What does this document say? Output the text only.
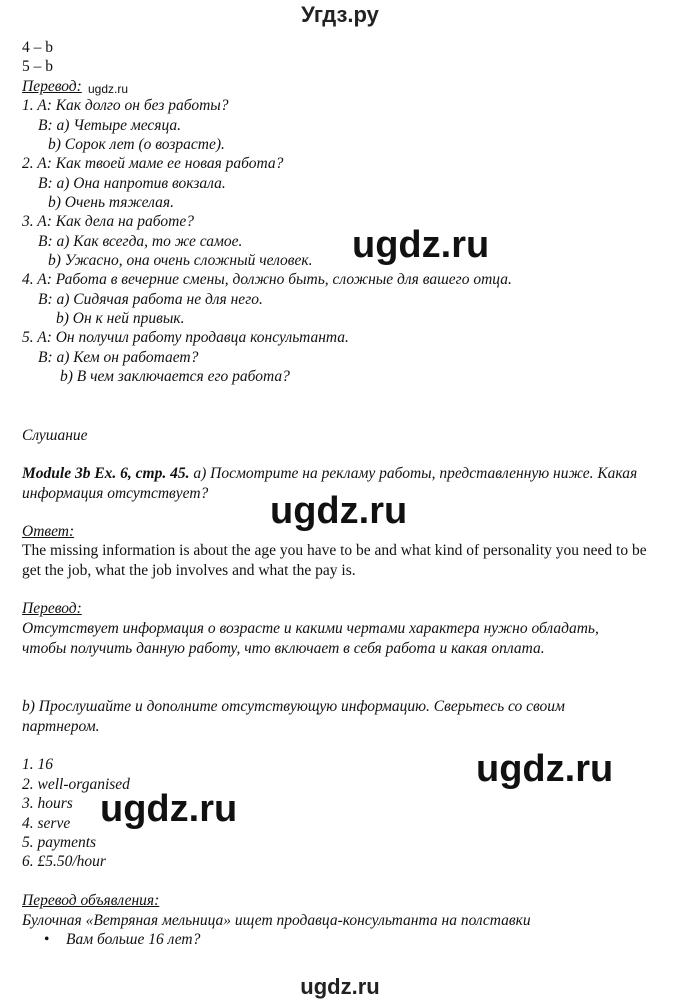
Угдз.ру
4 – b
5 – b
Перевод: ugdz.ru
1. A: Как долго он без работы?
B: a) Четыре месяца.
b) Сорок лет (о возрасте).
2. A: Как твоей маме ее новая работа?
B: a) Она напротив вокзала.
b) Очень тяжелая.
3. A: Как дела на работе?
B: a) Как всегда, то же самое.
b) Ужасно, она очень сложный человек.
4. A: Работа в вечерние смены, должно быть, сложные для вашего отца.
B: a) Сидячая работа не для него.
b) Он к ней привык.
5. A: Он получил работу продавца консультанта.
B: a) Кем он работает?
b) В чем заключается его работа?
Слушание
Module 3b Ex. 6, стр. 45. a) Посмотрите на рекламу работы, представленную ниже. Какая информация отсутствует?
Ответ:
The missing information is about the age you have to be and what kind of personality you need to be get the job, what the job involves and what the pay is.
Перевод:
Отсутствует информация о возрасте и какими чертами характера нужно обладать, чтобы получить данную работу, что включает в себя работа и какая оплата.
b) Прослушайте и дополните отсутствующую информацию. Сверьтесь со своим партнером.
1. 16
2. well-organised
3. hours
4. serve
5. payments
6. £5.50/hour
Перевод объявления:
Булочная «Ветряная мельница» ищет продавца-консультанта на полставки
• Вам больше 16 лет?
ugdz.ru
ugdz.ru
ugdz.ru
ugdz.ru
ugdz.ru
